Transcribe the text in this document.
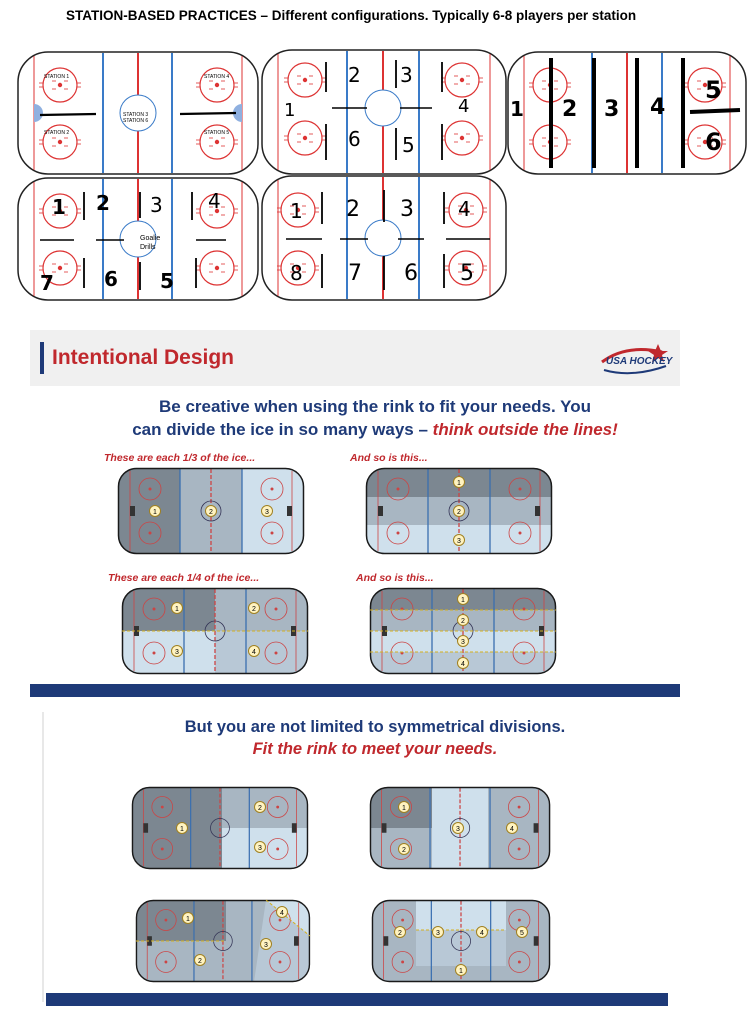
STATION-BASED PRACTICES – Different configurations. Typically 6-8 players per station
STATION 1
STATION 2
STATION 3
STATION 4
STATION 5
STATION 6	1
2 3
4
5
6
1 2 3 4
5
6
1 2 3 4
5
6
7
Goalie
Drills
1 2 3 4
5
6
7
8
Intentional Design	USA HOCKEY
Be creative when using the rink to fit your needs. You
can divide the ice in so many ways – think outside the lines!
These are each 1/3 of the ice...	And so is this...
These are each 1/4 of the ice...	And so is this...
1	2	3
1
2
3
1	2
3	4
1
2
3
4
1
2
3
1
2
3	4
1
2
3
4
2	3	4	5
1
But you are not limited to symmetrical divisions.
Fit the rink to meet your needs.
